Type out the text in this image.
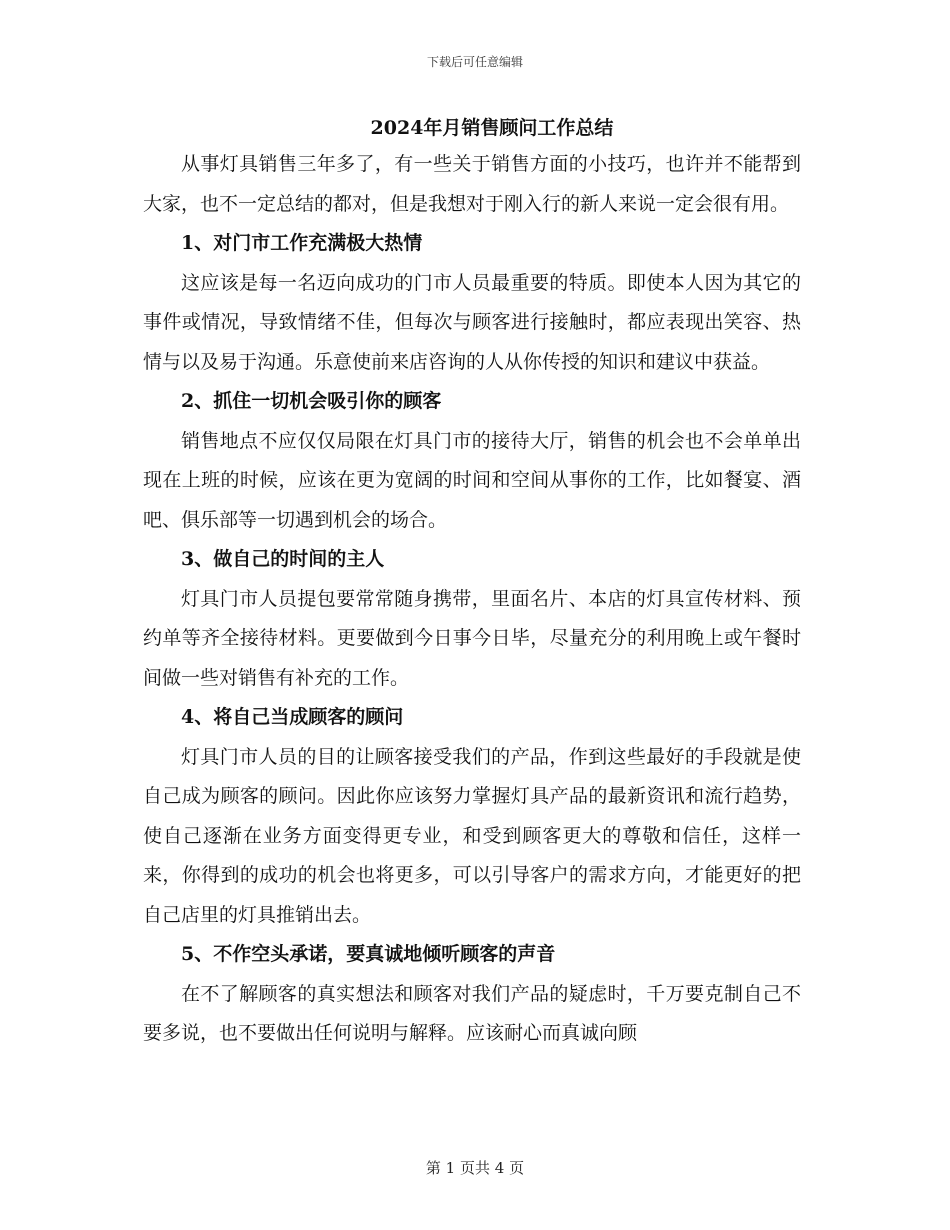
下载后可任意编辑
2024年月销售顾问工作总结

从事灯具销售三年多了，有一些关于销售方面的小技巧，也许并不能帮到大家，也不一定总结的都对，但是我想对于刚入行的新人来说一定会很有用。

1、对门市工作充满极大热情

这应该是每一名迈向成功的门市人员最重要的特质。即使本人因为其它的事件或情况，导致情绪不佳，但每次与顾客进行接触时，都应表现出笑容、热情与以及易于沟通。乐意使前来店咨询的人从你传授的知识和建议中获益。

2、抓住一切机会吸引你的顾客

销售地点不应仅仅局限在灯具门市的接待大厅，销售的机会也不会单单出现在上班的时候，应该在更为宽阔的时间和空间从事你的工作，比如餐宴、酒吧、俱乐部等一切遇到机会的场合。

3、做自己的时间的主人

灯具门市人员提包要常常随身携带，里面名片、本店的灯具宣传材料、预约单等齐全接待材料。更要做到今日事今日毕，尽量充分的利用晚上或午餐时间做一些对销售有补充的工作。

4、将自己当成顾客的顾问

灯具门市人员的目的让顾客接受我们的产品，作到这些最好的手段就是使自己成为顾客的顾问。因此你应该努力掌握灯具产品的最新资讯和流行趋势，使自己逐渐在业务方面变得更专业，和受到顾客更大的尊敬和信任，这样一来，你得到的成功的机会也将更多，可以引导客户的需求方向，才能更好的把自己店里的灯具推销出去。

5、不作空头承诺，要真诚地倾听顾客的声音

在不了解顾客的真实想法和顾客对我们产品的疑虑时，千万要克制自己不要多说，也不要做出任何说明与解释。应该耐心而真诚向顾

第 1 页共 4 页
